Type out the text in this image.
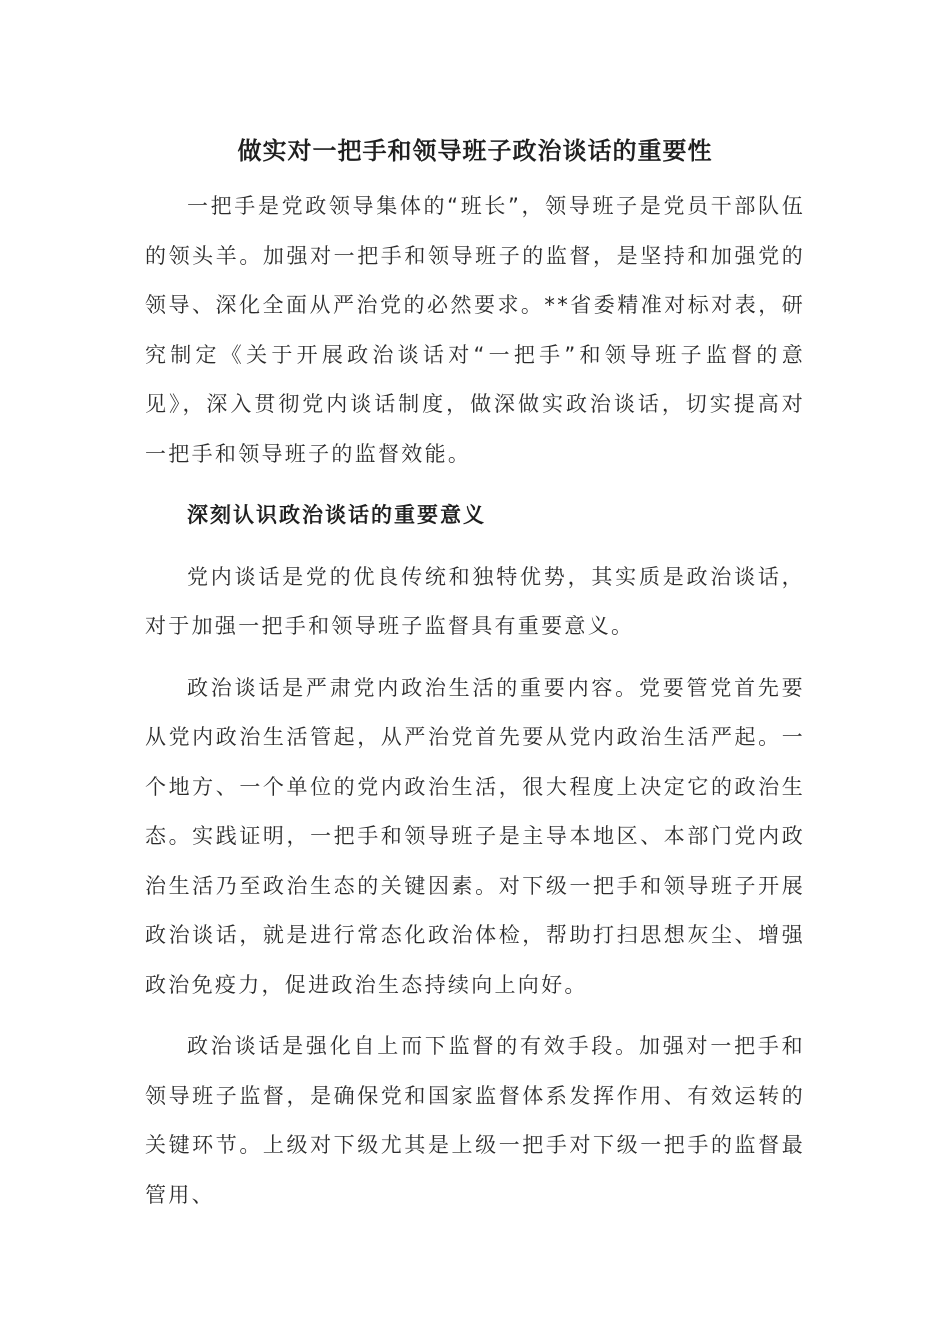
做实对一把手和领导班子政治谈话的重要性

一把手是党政领导集体的“班长”，领导班子是党员干部队伍的领头羊。加强对一把手和领导班子的监督，是坚持和加强党的领导、深化全面从严治党的必然要求。**省委精准对标对表，研究制定《关于开展政治谈话对“一把手”和领导班子监督的意见》，深入贯彻党内谈话制度，做深做实政治谈话，切实提高对一把手和领导班子的监督效能。

深刻认识政治谈话的重要意义

党内谈话是党的优良传统和独特优势，其实质是政治谈话，对于加强一把手和领导班子监督具有重要意义。

政治谈话是严肃党内政治生活的重要内容。党要管党首先要从党内政治生活管起，从严治党首先要从党内政治生活严起。一个地方、一个单位的党内政治生活，很大程度上决定它的政治生态。实践证明，一把手和领导班子是主导本地区、本部门党内政治生活乃至政治生态的关键因素。对下级一把手和领导班子开展政治谈话，就是进行常态化政治体检，帮助打扫思想灰尘、增强政治免疫力，促进政治生态持续向上向好。

政治谈话是强化自上而下监督的有效手段。加强对一把手和领导班子监督，是确保党和国家监督体系发挥作用、有效运转的关键环节。上级对下级尤其是上级一把手对下级一把手的监督最管用、
